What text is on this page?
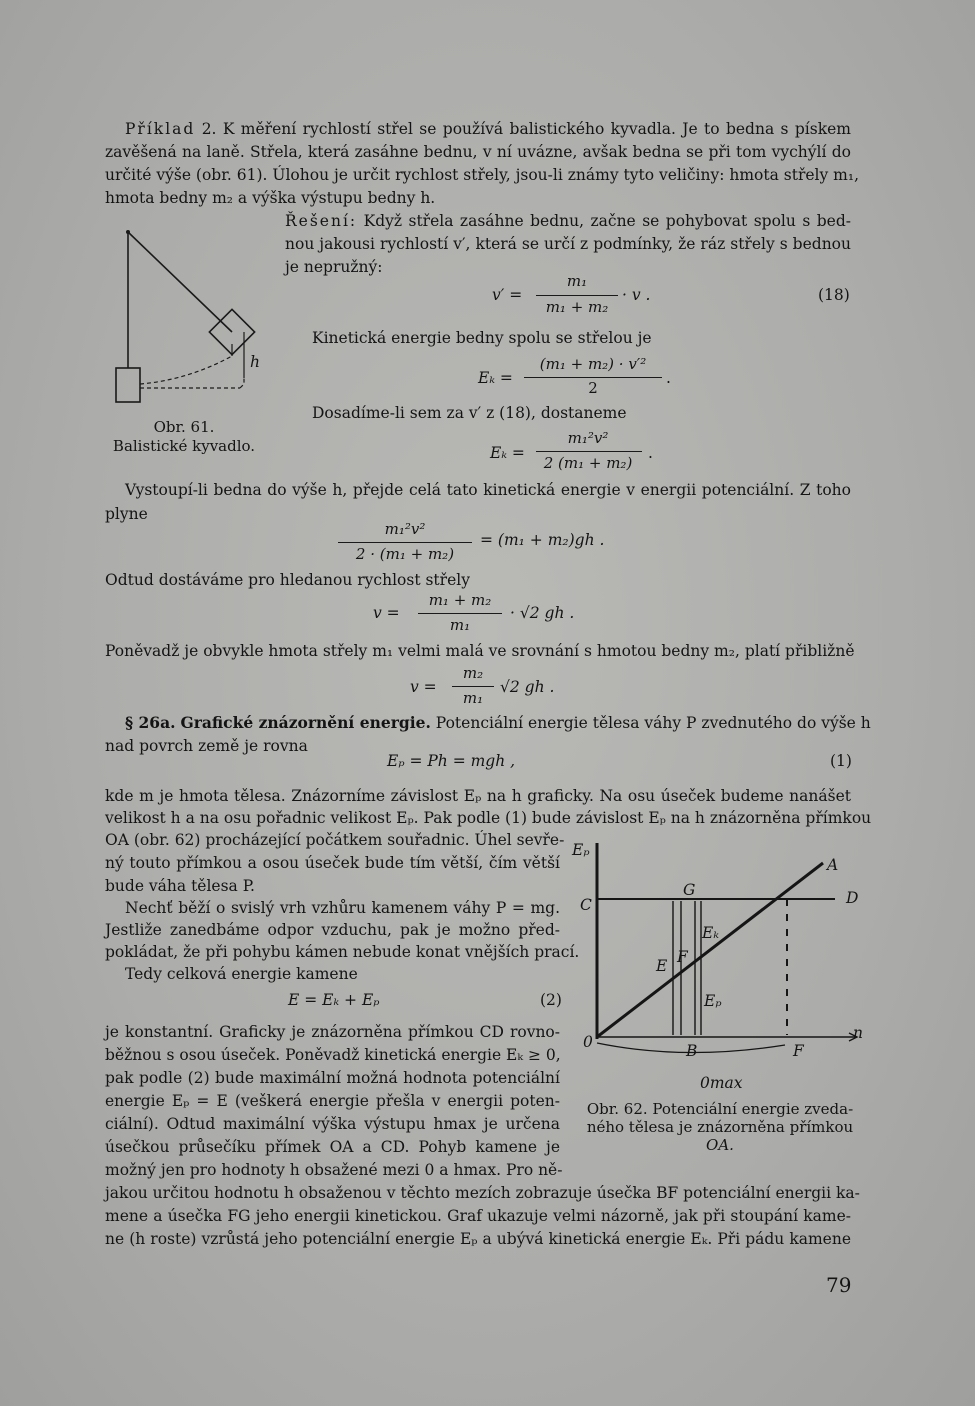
Příklad 2. K měření rychlostí střel se používá balistického kyvadla. Je to bedna s pískem
zavěšená na laně. Střela, která zasáhne bednu, v ní uvázne, avšak bedna se při tom vychýlí do
určité výše (obr. 61). Úlohou je určit rychlost střely, jsou-li známy tyto veličiny: hmota střely m₁,
hmota bedny m₂ a výška výstupu bedny h.
Řešení: Když střela zasáhne bednu, začne se pohybovat spolu s bed-
nou jakousi rychlostí v′, která se určí z podmínky, že ráz střely s bednou
je nepružný:
v′ =
m₁
m₁ + m₂
· v .	(18)
Kinetická energie bedny spolu se střelou je
Eₖ =
(m₁ + m₂) · v′²
2
.
Dosadíme-li sem za v′ z (18), dostaneme
Eₖ =
m₁²v²
2 (m₁ + m₂)
.
h
Obr. 61.
Balistické kyvadlo.
Vystoupí-li bedna do výše h, přejde celá tato kinetická energie v energii potenciální. Z toho
plyne
m₁²v²
2 · (m₁ + m₂)
= (m₁ + m₂)gh .
Odtud dostáváme pro hledanou rychlost střely
v =
m₁ + m₂
m₁
· √2 gh .
Poněvadž je obvykle hmota střely m₁ velmi malá ve srovnání s hmotou bedny m₂, platí přibližně
v =
m₂
m₁
√2 gh .
§ 26a. Grafické znázornění energie. Potenciální energie tělesa váhy P zvednutého do výše h
nad povrch země je rovna
Eₚ = Ph = mgh ,	(1)
kde m je hmota tělesa. Znázorníme závislost Eₚ na h graficky. Na osu úseček budeme nanášet
velikost h a na osu pořadnic velikost Eₚ. Pak podle (1) bude závislost Eₚ na h znázorněna přímkou
OA (obr. 62) procházející počátkem souřadnic. Úhel sevře-
ný touto přímkou a osou úseček bude tím větší, čím větší
bude váha tělesa P.
Nechť běží o svislý vrh vzhůru kamenem váhy P = mg.
Jestliže zanedbáme odpor vzduchu, pak je možno před-
pokládat, že při pohybu kámen nebude konat vnějších prací.
Tedy celková energie kamene
E = Eₖ + Eₚ	(2)
je konstantní. Graficky je znázorněna přímkou CD rovno-
běžnou s osou úseček. Poněvadž kinetická energie Eₖ ≥ 0,
pak podle (2) bude maximální možná hodnota potenciální
energie Eₚ = E (veškerá energie přešla v energii poten-
ciální). Odtud maximální výška výstupu hmax je určena
úsečkou průsečíku přímek OA a CD. Pohyb kamene je
možný jen pro hodnoty h obsažené mezi 0 a hmax. Pro ně-
jakou určitou hodnotu h obsaženou v těchto mezích zobrazuje úsečka BF potenciální energii ka-
mene a úsečka FG jeho energii kinetickou. Graf ukazuje velmi názorně, jak při stoupání kame-
ne (h roste) vzrůstá jeho potenciální energie Eₚ a ubývá kinetická energie Eₖ. Při pádu kamene
Eₚ
A
G	D
C
Eₖ
E F
Eₚ
0	B	F
n
0max
Obr. 62. Potenciální energie zveda-
ného tělesa je znázorněna přímkou
OA.
79
